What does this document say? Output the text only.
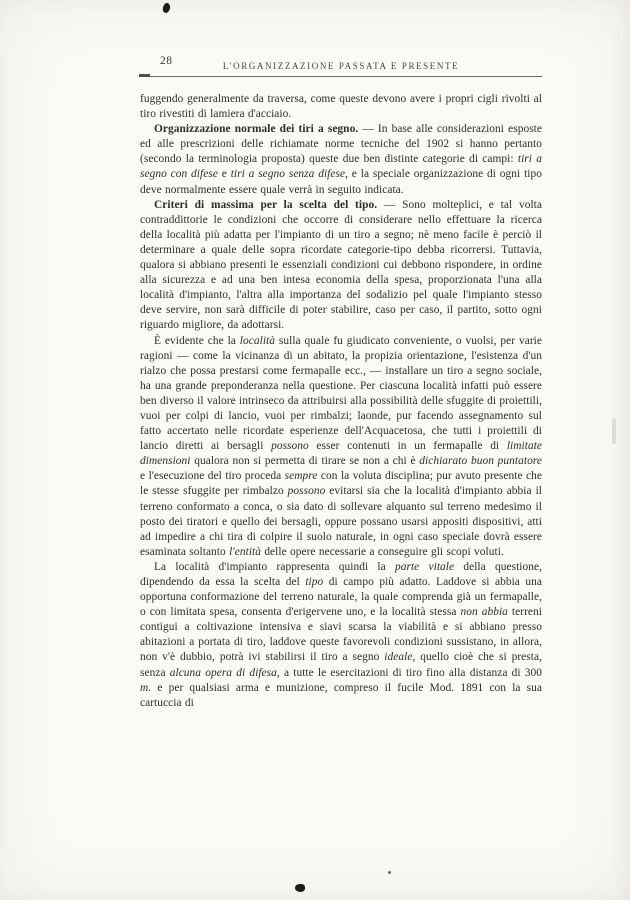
28	L'ORGANIZZAZIONE PASSATA E PRESENTE

fuggendo generalmente da traversa, come queste devono avere i propri cigli rivolti al tiro rivestiti di lamiera d'acciaio.

Organizzazione normale dei tiri a segno. — In base alle considerazioni esposte ed alle prescrizioni delle richiamate norme tecniche del 1902 si hanno pertanto (secondo la terminologia proposta) queste due ben distinte categorie di campi: tiri a segno con difese e tiri a segno senza difese, e la speciale organizzazione di ogni tipo deve normalmente essere quale verrà in seguito indicata.

Criteri di massima per la scelta del tipo. — Sono molteplici, e tal volta contraddittorie le condizioni che occorre di considerare nello effettuare la ricerca della località più adatta per l'impianto di un tiro a segno; nè meno facile è perciò il determinare a quale delle sopra ricordate categorie-tipo debba ricorrersi. Tuttavia, qualora si abbiano presenti le essenziali condizioni cui debbono rispondere, in ordine alla sicurezza e ad una ben intesa economia della spesa, proporzionata l'una alla località d'impianto, l'altra alla importanza del sodalizio pel quale l'impianto stesso deve servire, non sarà difficile di poter stabilire, caso per caso, il partito, sotto ogni riguardo migliore, da adottarsi.

È evidente che la località sulla quale fu giudicato conveniente, o vuolsi, per varie ragioni — come la vicinanza di un abitato, la propizia orientazione, l'esistenza d'un rialzo che possa prestarsi come fermapalle ecc., — installare un tiro a segno sociale, ha una grande preponderanza nella questione. Per ciascuna località infatti può essere ben diverso il valore intrinseco da attribuirsi alla possibilità delle sfuggite di proiettili, vuoi per colpi di lancio, vuoi per rimbalzi; laonde, pur facendo assegnamento sul fatto accertato nelle ricordate esperienze dell'Acquacetosa, che tutti i proiettili di lancio diretti ai bersagli possono esser contenuti in un fermapalle di limitate dimensioni qualora non si permetta di tirare se non a chi è dichiarato buon puntatore e l'esecuzione del tiro proceda sempre con la voluta disciplina; pur avuto presente che le stesse sfuggite per rimbalzo possono evitarsi sia che la località d'impianto abbia il terreno conformato a conca, o sia dato di sollevare alquanto sul terreno medesimo il posto dei tiratori e quello dei bersagli, oppure possano usarsi appositi dispositivi, atti ad impedire a chi tira di colpire il suolo naturale, in ogni caso speciale dovrà essere esaminata soltanto l'entità delle opere necessarie a conseguire gli scopi voluti.

La località d'impianto rappresenta quindi la parte vitale della questione, dipendendo da essa la scelta del tipo di campo più adatto. Laddove si abbia una opportuna conformazione del terreno naturale, la quale comprenda già un fermapalle, o con limitata spesa, consenta d'erigervene uno, e la località stessa non abbia terreni contigui a coltivazione intensiva e siavi scarsa la viabilità e si abbiano presso abitazioni a portata di tiro, laddove queste favorevoli condizioni sussistano, in allora, non v'è dubbio, potrà ivi stabilirsi il tiro a segno ideale, quello cioè che si presta, senza alcuna opera di difesa, a tutte le esercitazioni di tiro fino alla distanza di 300 m. e per qualsiasi arma e munizione, compreso il fucile Mod. 1891 con la sua cartuccia di
